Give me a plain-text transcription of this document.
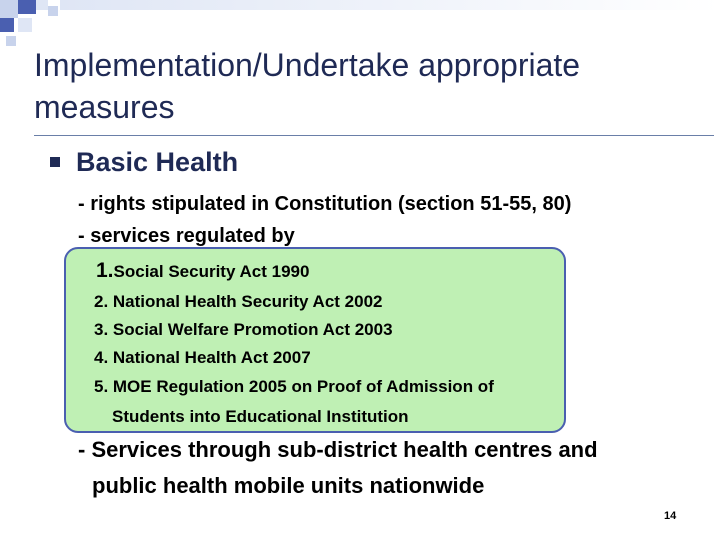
Implementation/Undertake appropriate
measures
Basic Health
- rights stipulated in Constitution (section 51-55, 80)
- services regulated by
1.Social Security Act 1990
2. National Health Security Act 2002
3. Social Welfare Promotion Act 2003
4. National Health Act 2007
5. MOE Regulation 2005 on Proof of Admission of
Students into Educational Institution
- Services through sub-district health centres and
public health mobile units nationwide
14
